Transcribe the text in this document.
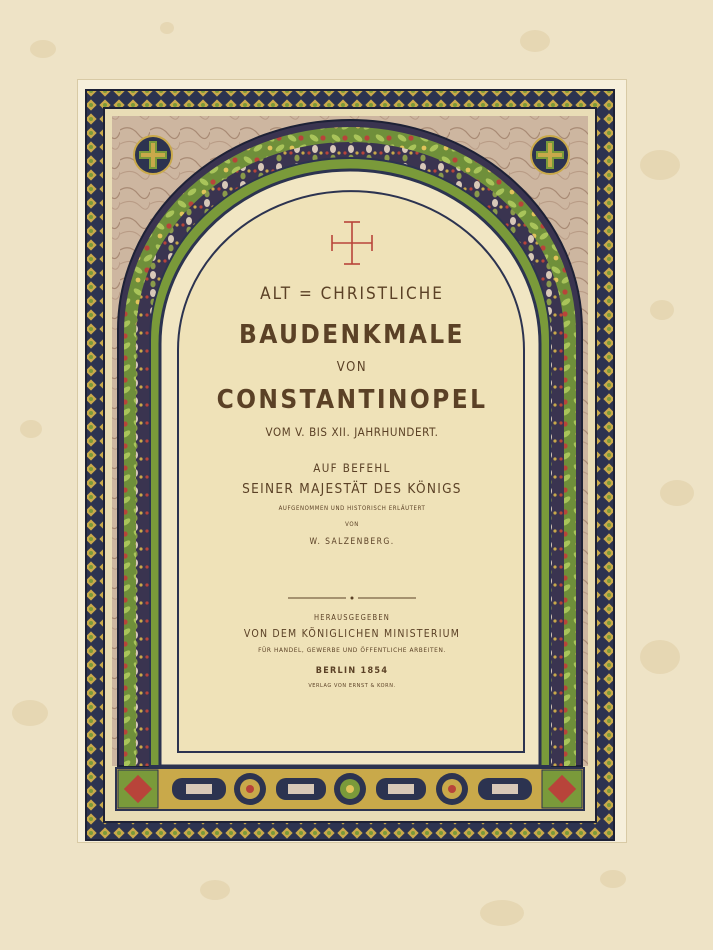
ALT = CHRISTLICHE
BAUDENKMALE
VON
CONSTANTINOPEL
VOM V. BIS XII. JAHRHUNDERT.
AUF BEFEHL
SEINER MAJESTÄT DES KÖNIGS
AUFGENOMMEN UND HISTORISCH ERLÄUTERT
VON
W. SALZENBERG.
HERAUSGEGEBEN
VON DEM KÖNIGLICHEN MINISTERIUM
FÜR HANDEL, GEWERBE UND ÖFFENTLICHE ARBEITEN.
BERLIN 1854
VERLAG VON ERNST & KORN.
